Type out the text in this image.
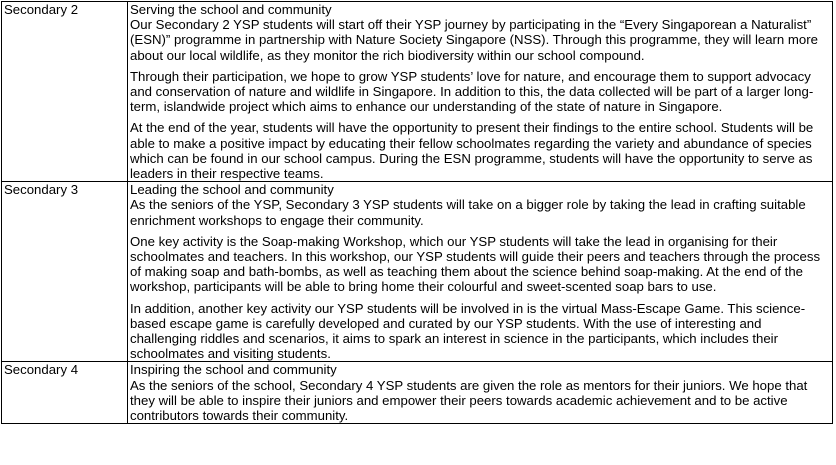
Secondary 2	Serving the school and community

Our Secondary 2 YSP students will start off their YSP journey by participating in the “Every Singaporean a Naturalist” (ESN)” programme in partnership with Nature Society Singapore (NSS). Through this programme, they will learn more about our local wildlife, as they monitor the rich biodiversity within our school compound.

Through their participation, we hope to grow YSP students’ love for nature, and encourage them to support advocacy and conservation of nature and wildlife in Singapore. In addition to this, the data collected will be part of a larger long-term, islandwide project which aims to enhance our understanding of the state of nature in Singapore.

At the end of the year, students will have the opportunity to present their findings to the entire school. Students will be able to make a positive impact by educating their fellow schoolmates regarding the variety and abundance of species which can be found in our school campus. During the ESN programme, students will have the opportunity to serve as leaders in their respective teams.

Secondary 3	Leading the school and community

As the seniors of the YSP, Secondary 3 YSP students will take on a bigger role by taking the lead in crafting suitable enrichment workshops to engage their community.

One key activity is the Soap-making Workshop, which our YSP students will take the lead in organising for their schoolmates and teachers. In this workshop, our YSP students will guide their peers and teachers through the process of making soap and bath-bombs, as well as teaching them about the science behind soap-making. At the end of the workshop, participants will be able to bring home their colourful and sweet-scented soap bars to use.

In addition, another key activity our YSP students will be involved in is the virtual Mass-Escape Game. This science-based escape game is carefully developed and curated by our YSP students. With the use of interesting and challenging riddles and scenarios, it aims to spark an interest in science in the participants, which includes their schoolmates and visiting students.

Secondary 4	Inspiring the school and community

As the seniors of the school, Secondary 4 YSP students are given the role as mentors for their juniors. We hope that they will be able to inspire their juniors and empower their peers towards academic achievement and to be active contributors towards their community.
